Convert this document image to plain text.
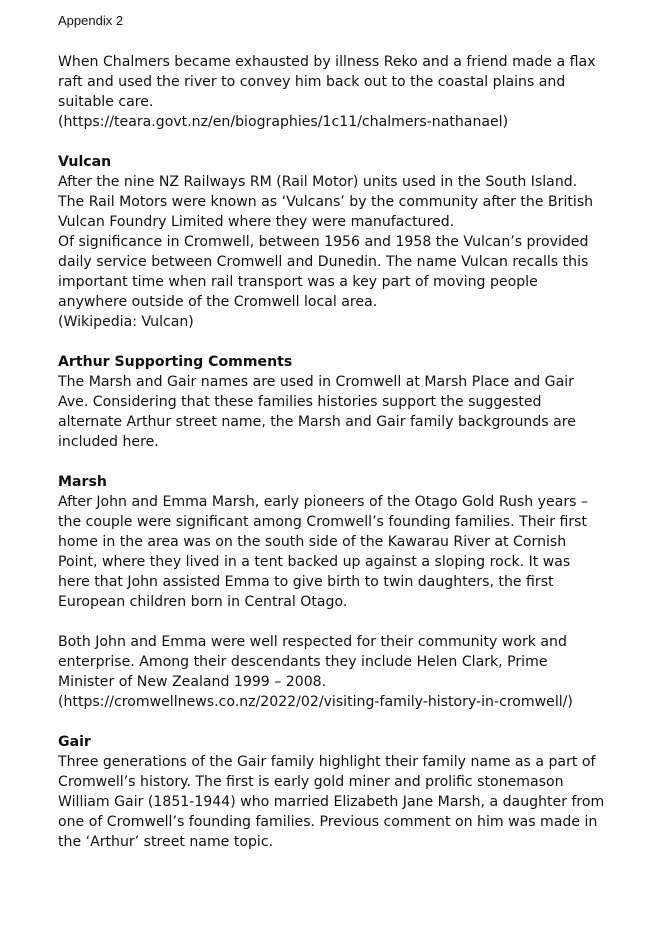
Appendix 2

When Chalmers became exhausted by illness Reko and a friend made a flax raft and used the river to convey him back out to the coastal plains and suitable care.

(https://teara.govt.nz/en/biographies/1c11/chalmers-nathanael)

Vulcan

After the nine NZ Railways RM (Rail Motor) units used in the South Island. The Rail Motors were known as ‘Vulcans’ by the community after the British Vulcan Foundry Limited where they were manufactured.

Of significance in Cromwell, between 1956 and 1958 the Vulcan’s provided daily service between Cromwell and Dunedin. The name Vulcan recalls this important time when rail transport was a key part of moving people anywhere outside of the Cromwell local area.

(Wikipedia: Vulcan)

Arthur Supporting Comments

The Marsh and Gair names are used in Cromwell at Marsh Place and Gair Ave. Considering that these families histories support the suggested alternate Arthur street name, the Marsh and Gair family backgrounds are included here.

Marsh

After John and Emma Marsh, early pioneers of the Otago Gold Rush years – the couple were significant among Cromwell’s founding families. Their first home in the area was on the south side of the Kawarau River at Cornish Point, where they lived in a tent backed up against a sloping rock. It was here that John assisted Emma to give birth to twin daughters, the first European children born in Central Otago.

Both John and Emma were well respected for their community work and enterprise. Among their descendants they include Helen Clark, Prime Minister of New Zealand 1999 – 2008.

(https://cromwellnews.co.nz/2022/02/visiting-family-history-in-cromwell/)

Gair

Three generations of the Gair family highlight their family name as a part of Cromwell’s history. The first is early gold miner and prolific stonemason William Gair (1851-1944) who married Elizabeth Jane Marsh, a daughter from one of Cromwell’s founding families. Previous comment on him was made in the ‘Arthur’ street name topic.
